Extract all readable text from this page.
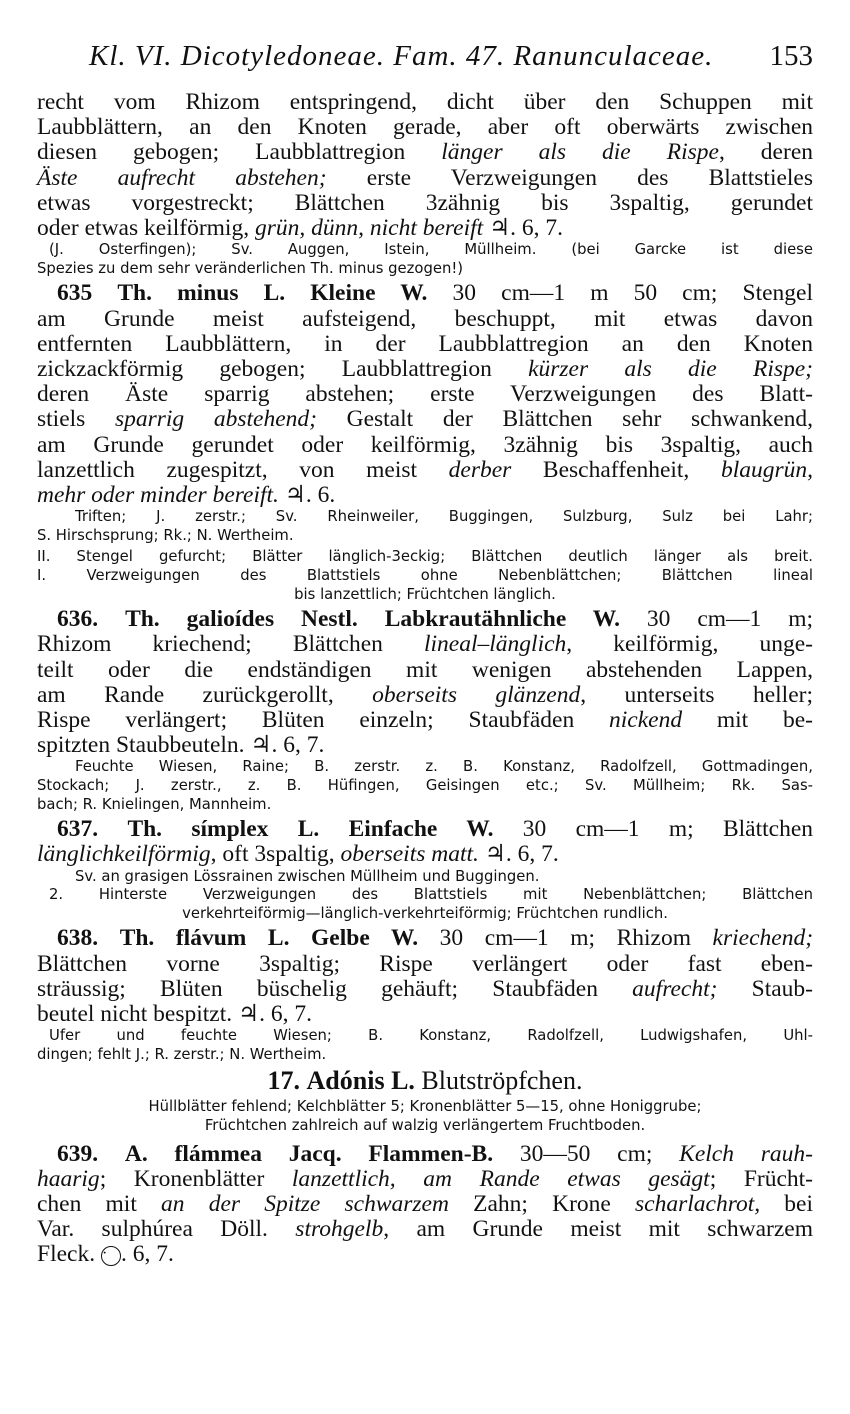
Kl. VI. Dicotyledoneae. Fam. 47. Ranunculaceae. 153
recht vom Rhizom entspringend, dicht über den Schuppen mit
Laubblättern, an den Knoten gerade, aber oft oberwärts zwischen
diesen gebogen; Laubblattregion länger als die Rispe, deren
Äste aufrecht abstehen; erste Verzweigungen des Blattstieles
etwas vorgestreckt; Blättchen 3zähnig bis 3spaltig, gerundet
oder etwas keilförmig, grün, dünn, nicht bereift ♃. 6, 7.
(J. Osterfingen); Sv. Auggen, Istein, Müllheim. (bei Garcke ist diese
Spezies zu dem sehr veränderlichen Th. minus gezogen!)
635 Th. minus L. Kleine W. 30 cm—1 m 50 cm; Stengel
am Grunde meist aufsteigend, beschuppt, mit etwas davon
entfernten Laubblättern, in der Laubblattregion an den Knoten
zickzackförmig gebogen; Laubblattregion kürzer als die Rispe;
deren Äste sparrig abstehen; erste Verzweigungen des Blatt-
stiels sparrig abstehend; Gestalt der Blättchen sehr schwankend,
am Grunde gerundet oder keilförmig, 3zähnig bis 3spaltig, auch
lanzettlich zugespitzt, von meist derber Beschaffenheit, blaugrün,
mehr oder minder bereift. ♃. 6.
Triften; J. zerstr.; Sv. Rheinweiler, Buggingen, Sulzburg, Sulz bei Lahr;
S. Hirschsprung; Rk.; N. Wertheim.
II. Stengel gefurcht; Blätter länglich-3eckig; Blättchen deutlich länger als breit.
I. Verzweigungen des Blattstiels ohne Nebenblättchen; Blättchen lineal
bis lanzettlich; Früchtchen länglich.
636. Th. galioídes Nestl. Labkrautähnliche W. 30 cm—1 m;
Rhizom kriechend; Blättchen lineal–länglich, keilförmig, unge-
teilt oder die endständigen mit wenigen abstehenden Lappen,
am Rande zurückgerollt, oberseits glänzend, unterseits heller;
Rispe verlängert; Blüten einzeln; Staubfäden nickend mit be-
spitzten Staubbeuteln. ♃. 6, 7.
Feuchte Wiesen, Raine; B. zerstr. z. B. Konstanz, Radolfzell, Gottmadingen,
Stockach; J. zerstr., z. B. Hüfingen, Geisingen etc.; Sv. Müllheim; Rk. Sas-
bach; R. Knielingen, Mannheim.
637. Th. símplex L. Einfache W. 30 cm—1 m; Blättchen
länglichkeilförmig, oft 3spaltig, oberseits matt. ♃. 6, 7.
Sv. an grasigen Lössrainen zwischen Müllheim und Buggingen.
2. Hinterste Verzweigungen des Blattstiels mit Nebenblättchen; Blättchen
verkehrteiförmig—länglich-verkehrteiförmig; Früchtchen rundlich.
638. Th. flávum L. Gelbe W. 30 cm—1 m; Rhizom kriechend;
Blättchen vorne 3spaltig; Rispe verlängert oder fast eben-
sträussig; Blüten büschelig gehäuft; Staubfäden aufrecht; Staub-
beutel nicht bespitzt. ♃. 6, 7.
Ufer und feuchte Wiesen; B. Konstanz, Radolfzell, Ludwigshafen, Uhl-
dingen; fehlt J.; R. zerstr.; N. Wertheim.
17. Adónis L. Blutströpfchen.
Hüllblätter fehlend; Kelchblätter 5; Kronenblätter 5—15, ohne Honiggrube;
Früchtchen zahlreich auf walzig verlängertem Fruchtboden.
639. A. flámmea Jacq. Flammen-B. 30—50 cm; Kelch rauh-
haarig; Kronenblätter lanzettlich, am Rande etwas gesägt; Frücht-
chen mit an der Spitze schwarzem Zahn; Krone scharlachrot, bei
Var. sulphúrea Döll. strohgelb, am Grunde meist mit schwarzem
Fleck. · . 6, 7.
